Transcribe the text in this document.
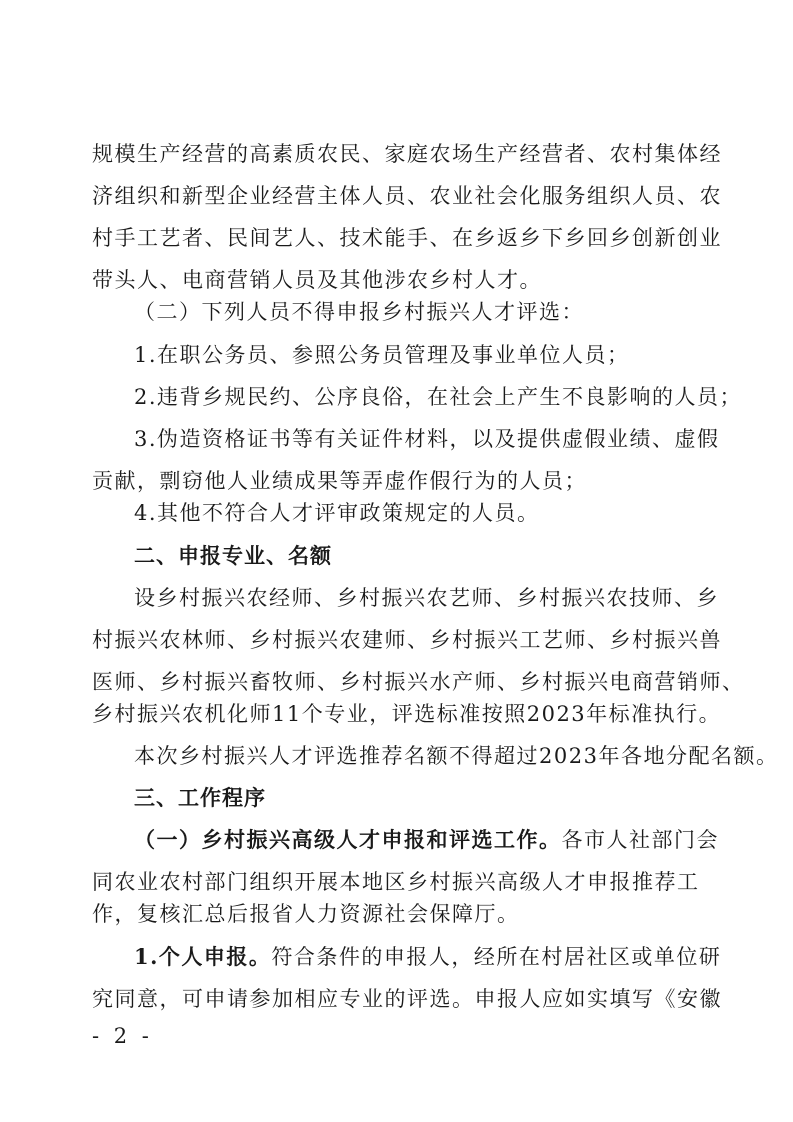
规模生产经营的高素质农民、家庭农场生产经营者、农村集体经
济组织和新型企业经营主体人员、农业社会化服务组织人员、农
村手工艺者、民间艺人、技术能手、在乡返乡下乡回乡创新创业
带头人、电商营销人员及其他涉农乡村人才。
（二）下列人员不得申报乡村振兴人才评选：
1.在职公务员、参照公务员管理及事业单位人员；
2.违背乡规民约、公序良俗，在社会上产生不良影响的人员；
3.伪造资格证书等有关证件材料，以及提供虚假业绩、虚假
贡献，剽窃他人业绩成果等弄虚作假行为的人员；
4.其他不符合人才评审政策规定的人员。
二、申报专业、名额
设乡村振兴农经师、乡村振兴农艺师、乡村振兴农技师、乡
村振兴农林师、乡村振兴农建师、乡村振兴工艺师、乡村振兴兽
医师、乡村振兴畜牧师、乡村振兴水产师、乡村振兴电商营销师、
乡村振兴农机化师11个专业，评选标准按照2023年标准执行。
本次乡村振兴人才评选推荐名额不得超过2023年各地分配名额。
三、工作程序
（一）乡村振兴高级人才申报和评选工作。各市人社部门会
同农业农村部门组织开展本地区乡村振兴高级人才申报推荐工
作，复核汇总后报省人力资源社会保障厅。
1.个人申报。符合条件的申报人，经所在村居社区或单位研
究同意，可申请参加相应专业的评选。申报人应如实填写《安徽
- 2 -
